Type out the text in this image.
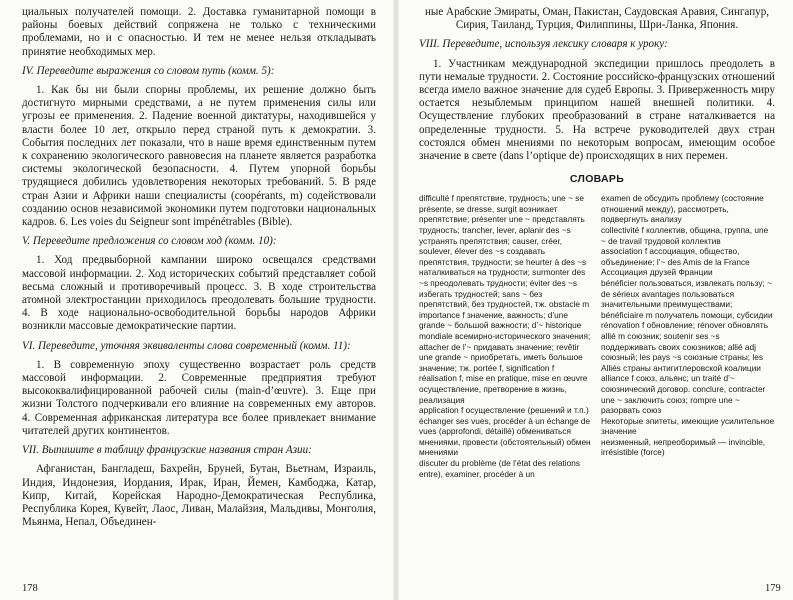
циальных получателей помощи. 2. Доставка гуманитарной помощи в районы боевых действий сопряжена не только с техническими проблемами, но и с опасностью. И тем не менее нельзя откладывать принятие необходимых мер.

IV. Переведите выражения со словом путь (комм. 5):

1. Как бы ни были спорны проблемы, их решение должно быть достигнуто мирными средствами, а не путем применения силы или угрозы ее применения. 2. Падение военной диктатуры, находившейся у власти более 10 лет, открыло перед страной путь к демократии. 3. События последних лет показали, что в наше время единственным путем к сохранению экологического равновесия на планете является разработка системы экологической безопасности. 4. Путем упорной борьбы трудящиеся добились удовлетворения некоторых требований. 5. В ряде стран Азии и Африки наши специалисты (coopérants, m) содействовали созданию основ независимой экономики путем подготовки национальных кадров. 6. Les voies du Seigneur sont impénétrables (Bible).

V. Переведите предложения со словом ход (комм. 10):

1. Ход предвыборной кампании широко освещался средствами массовой информации. 2. Ход исторических событий представляет собой весьма сложный и противоречивый процесс. 3. В ходе строительства атомной электростанции приходилось преодолевать большие трудности. 4. В ходе национально-освободительной борьбы народов Африки возникли массовые демократические партии.

VI. Переведите, уточняя эквиваленты слова современный (комм. 11):

1. В современную эпоху существенно возрастает роль средств массовой информации. 2. Современные предприятия требуют высококвалифицированной рабочей силы (main-d’œuvre). 3. Еще при жизни Толстого подчеркивали его влияние на современных ему авторов. 4. Современная африканская литература все более привлекает внимание читателей других континентов.

VII. Выпишите в таблицу французские названия стран Азии:

Афганистан, Бангладеш, Бахрейн, Бруней, Бутан, Вьетнам, Израиль, Индия, Индонезия, Иордания, Ирак, Иран, Йемен, Камбоджа, Катар, Кипр, Китай, Корейская Народно-Демократическая Республика, Республика Корея, Кувейт, Лаос, Ливан, Малайзия, Мальдивы, Монголия, Мьянма, Непал, Объединен-

178

ные Арабские Эмираты, Оман, Пакистан, Саудовская Аравия, Сингапур, Сирия, Таиланд, Турция, Филиппины, Шри-Ланка, Япония.

VIII. Переведите, используя лексику словаря к уроку:

1. Участникам международной экспедиции пришлось преодолеть в пути немалые трудности. 2. Состояние российско-французских отношений всегда имело важное значение для судеб Европы. 3. Приверженность миру остается незыблемым принципом нашей внешней политики. 4. Осуществление глубоких преобразований в стране наталкивается на определенные трудности. 5. На встрече руководителей двух стран состоялся обмен мнениями по некоторым вопросам, имеющим особое значение в свете (dans l’optique de) происходящих в них перемен.

СЛОВАРЬ

difficulté f препятствие, трудность; une ~ se présente, se dresse, surgit возникает препятствие; présenter une ~ представлять трудность; trancher, lever, aplanir des ~s устранять препятствия; causer, créer, soulever, élever des ~s создавать препятствия, трудности; se heurter à des ~s наталкиваться на трудности; surmonter des ~s преодолевать трудности; éviter des ~s избегать трудностей; sans ~ без препятствий, без трудностей, тж. obstacle m

importance f значение, важность; d’une grande ~ большой важности; d’~ historique mondiale всемирно-исторического значения; attacher de l’~ придавать значение; revêtir une grande ~ приобретать, иметь большое значение; тж. portée f, signification f

réalisation f, mise en pratique, mise en œuvre осуществление, претворение в жизнь, реализация

application f осуществление (решений и т.п.)

échanger ses vues, procéder à un échange de vues (approfondi, détaillé) обмениваться мнениями, провести (обстоятельный) обмен мнениями

discuter du problème (de l’état des relations entre), examiner, procéder à un

examen de обсудить проблему (состояние отношений между), рассмотреть, подвергнуть анализу

collectivité f коллектив, община, группа, une ~ de travail трудовой коллектив

association f ассоциация, общество, объединение; l’~ des Amis de la France Ассоциация друзей Франции

bénéficier пользоваться, извлекать пользу; ~ de sérieux avantages пользоваться значительными преимуществами; bénéficiaire m получатель помощи, субсидии

rénovation f обновление; rénover обновлять

allié m союзник; soutenir ses ~s поддерживать своих союзников; allié adj союзный; les pays ~s союзные страны; les Alliés страны антигитлеровской коалиции

alliance f союз, альянс; un traité d’~ союзнический договор. conclure, contracter une ~ заключить союз; rompre une ~ разорвать союз

Некоторые эпитеты, имеющие усилительное значение

неизменный, непреоборимый — invincible, irrésistible (force)

179
